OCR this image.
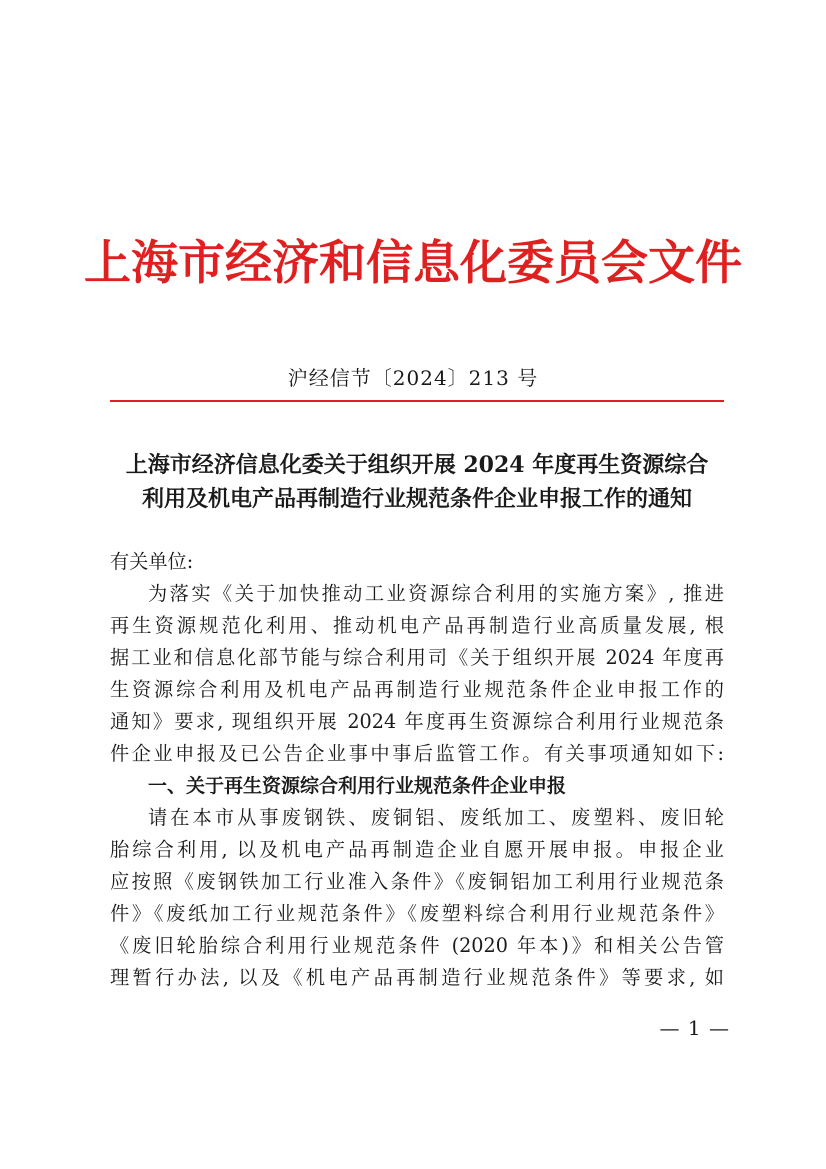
上海市经济和信息化委员会文件
沪经信节〔2024〕213 号
上海市经济信息化委关于组织开展 2024 年度再生资源综合
利用及机电产品再制造行业规范条件企业申报工作的通知
有关单位:
为落实《关于加快推动工业资源综合利用的实施方案》, 推进
再生资源规范化利用、推动机电产品再制造行业高质量发展, 根
据工业和信息化部节能与综合利用司《关于组织开展 2024 年度再
生资源综合利用及机电产品再制造行业规范条件企业申报工作的
通知》要求, 现组织开展 2024 年度再生资源综合利用行业规范条
件企业申报及已公告企业事中事后监管工作。有关事项通知如下:
一、关于再生资源综合利用行业规范条件企业申报
请在本市从事废钢铁、废铜铝、废纸加工、废塑料、废旧轮
胎综合利用, 以及机电产品再制造企业自愿开展申报。申报企业
应按照《废钢铁加工行业准入条件》《废铜铝加工利用行业规范条
件》《废纸加工行业规范条件》《废塑料综合利用行业规范条件》
《废旧轮胎综合利用行业规范条件 (2020 年本)》和相关公告管
理暂行办法, 以及《机电产品再制造行业规范条件》等要求, 如
— 1 —
